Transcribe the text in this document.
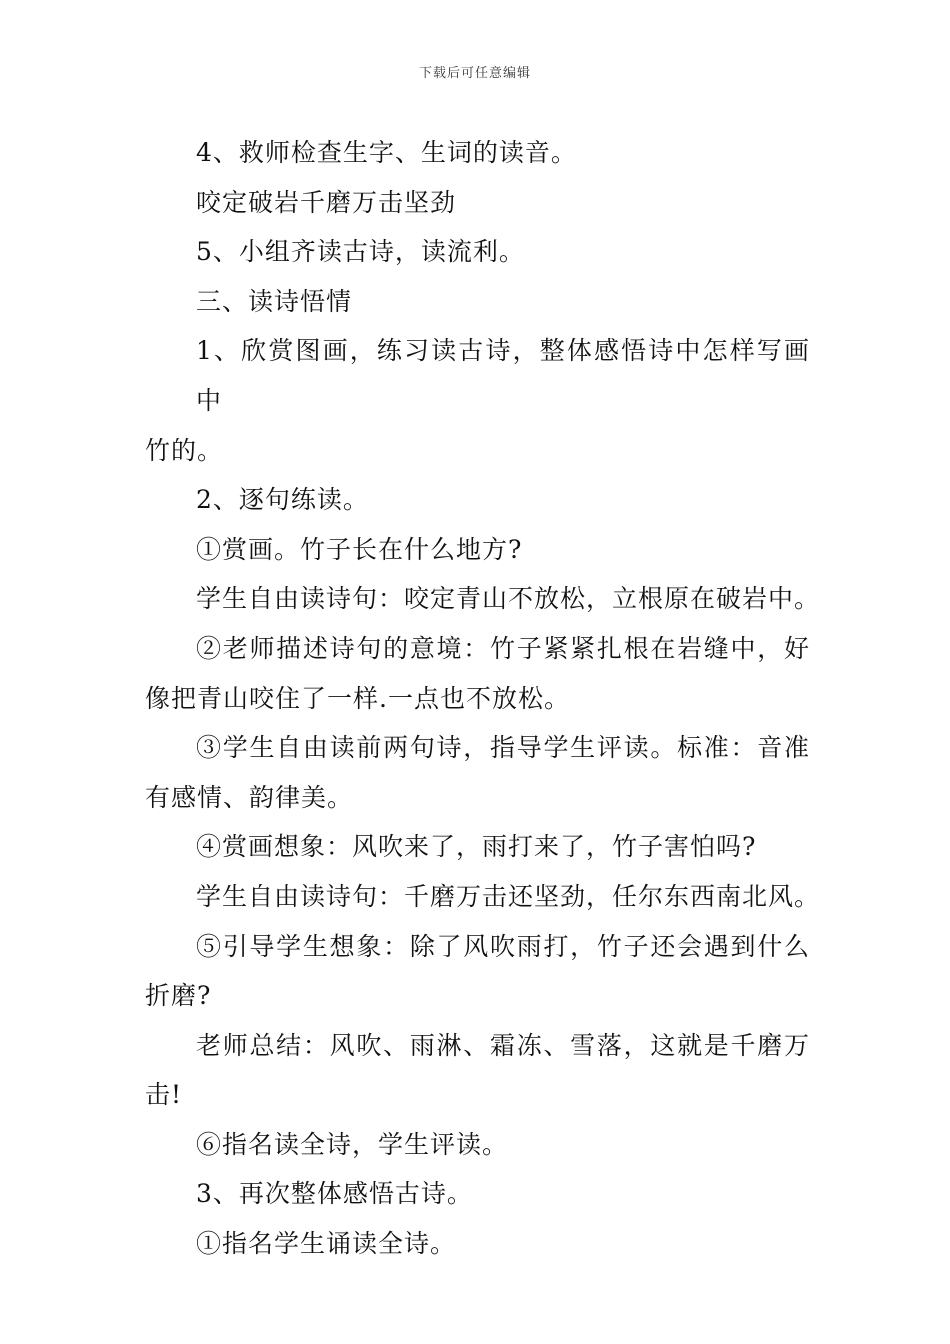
下载后可任意编辑
4、救师检查生字、生词的读音。
咬定破岩千磨万击坚劲
5、小组齐读古诗，读流利。
三、读诗悟情
1、欣赏图画，练习读古诗，整体感悟诗中怎样写画中
竹的。
2、逐句练读。
①赏画。竹子长在什么地方?
学生自由读诗句：咬定青山不放松，立根原在破岩中。
②老师描述诗句的意境：竹子紧紧扎根在岩缝中，好
像把青山咬住了一样.一点也不放松。
③学生自由读前两句诗，指导学生评读。标准：音准
有感情、韵律美。
④赏画想象：风吹来了，雨打来了，竹子害怕吗?
学生自由读诗句：千磨万击还坚劲，任尔东西南北风。
⑤引导学生想象：除了风吹雨打，竹子还会遇到什么
折磨?
老师总结：风吹、雨淋、霜冻、雪落，这就是千磨万
击!
⑥指名读全诗，学生评读。
3、再次整体感悟古诗。
①指名学生诵读全诗。
